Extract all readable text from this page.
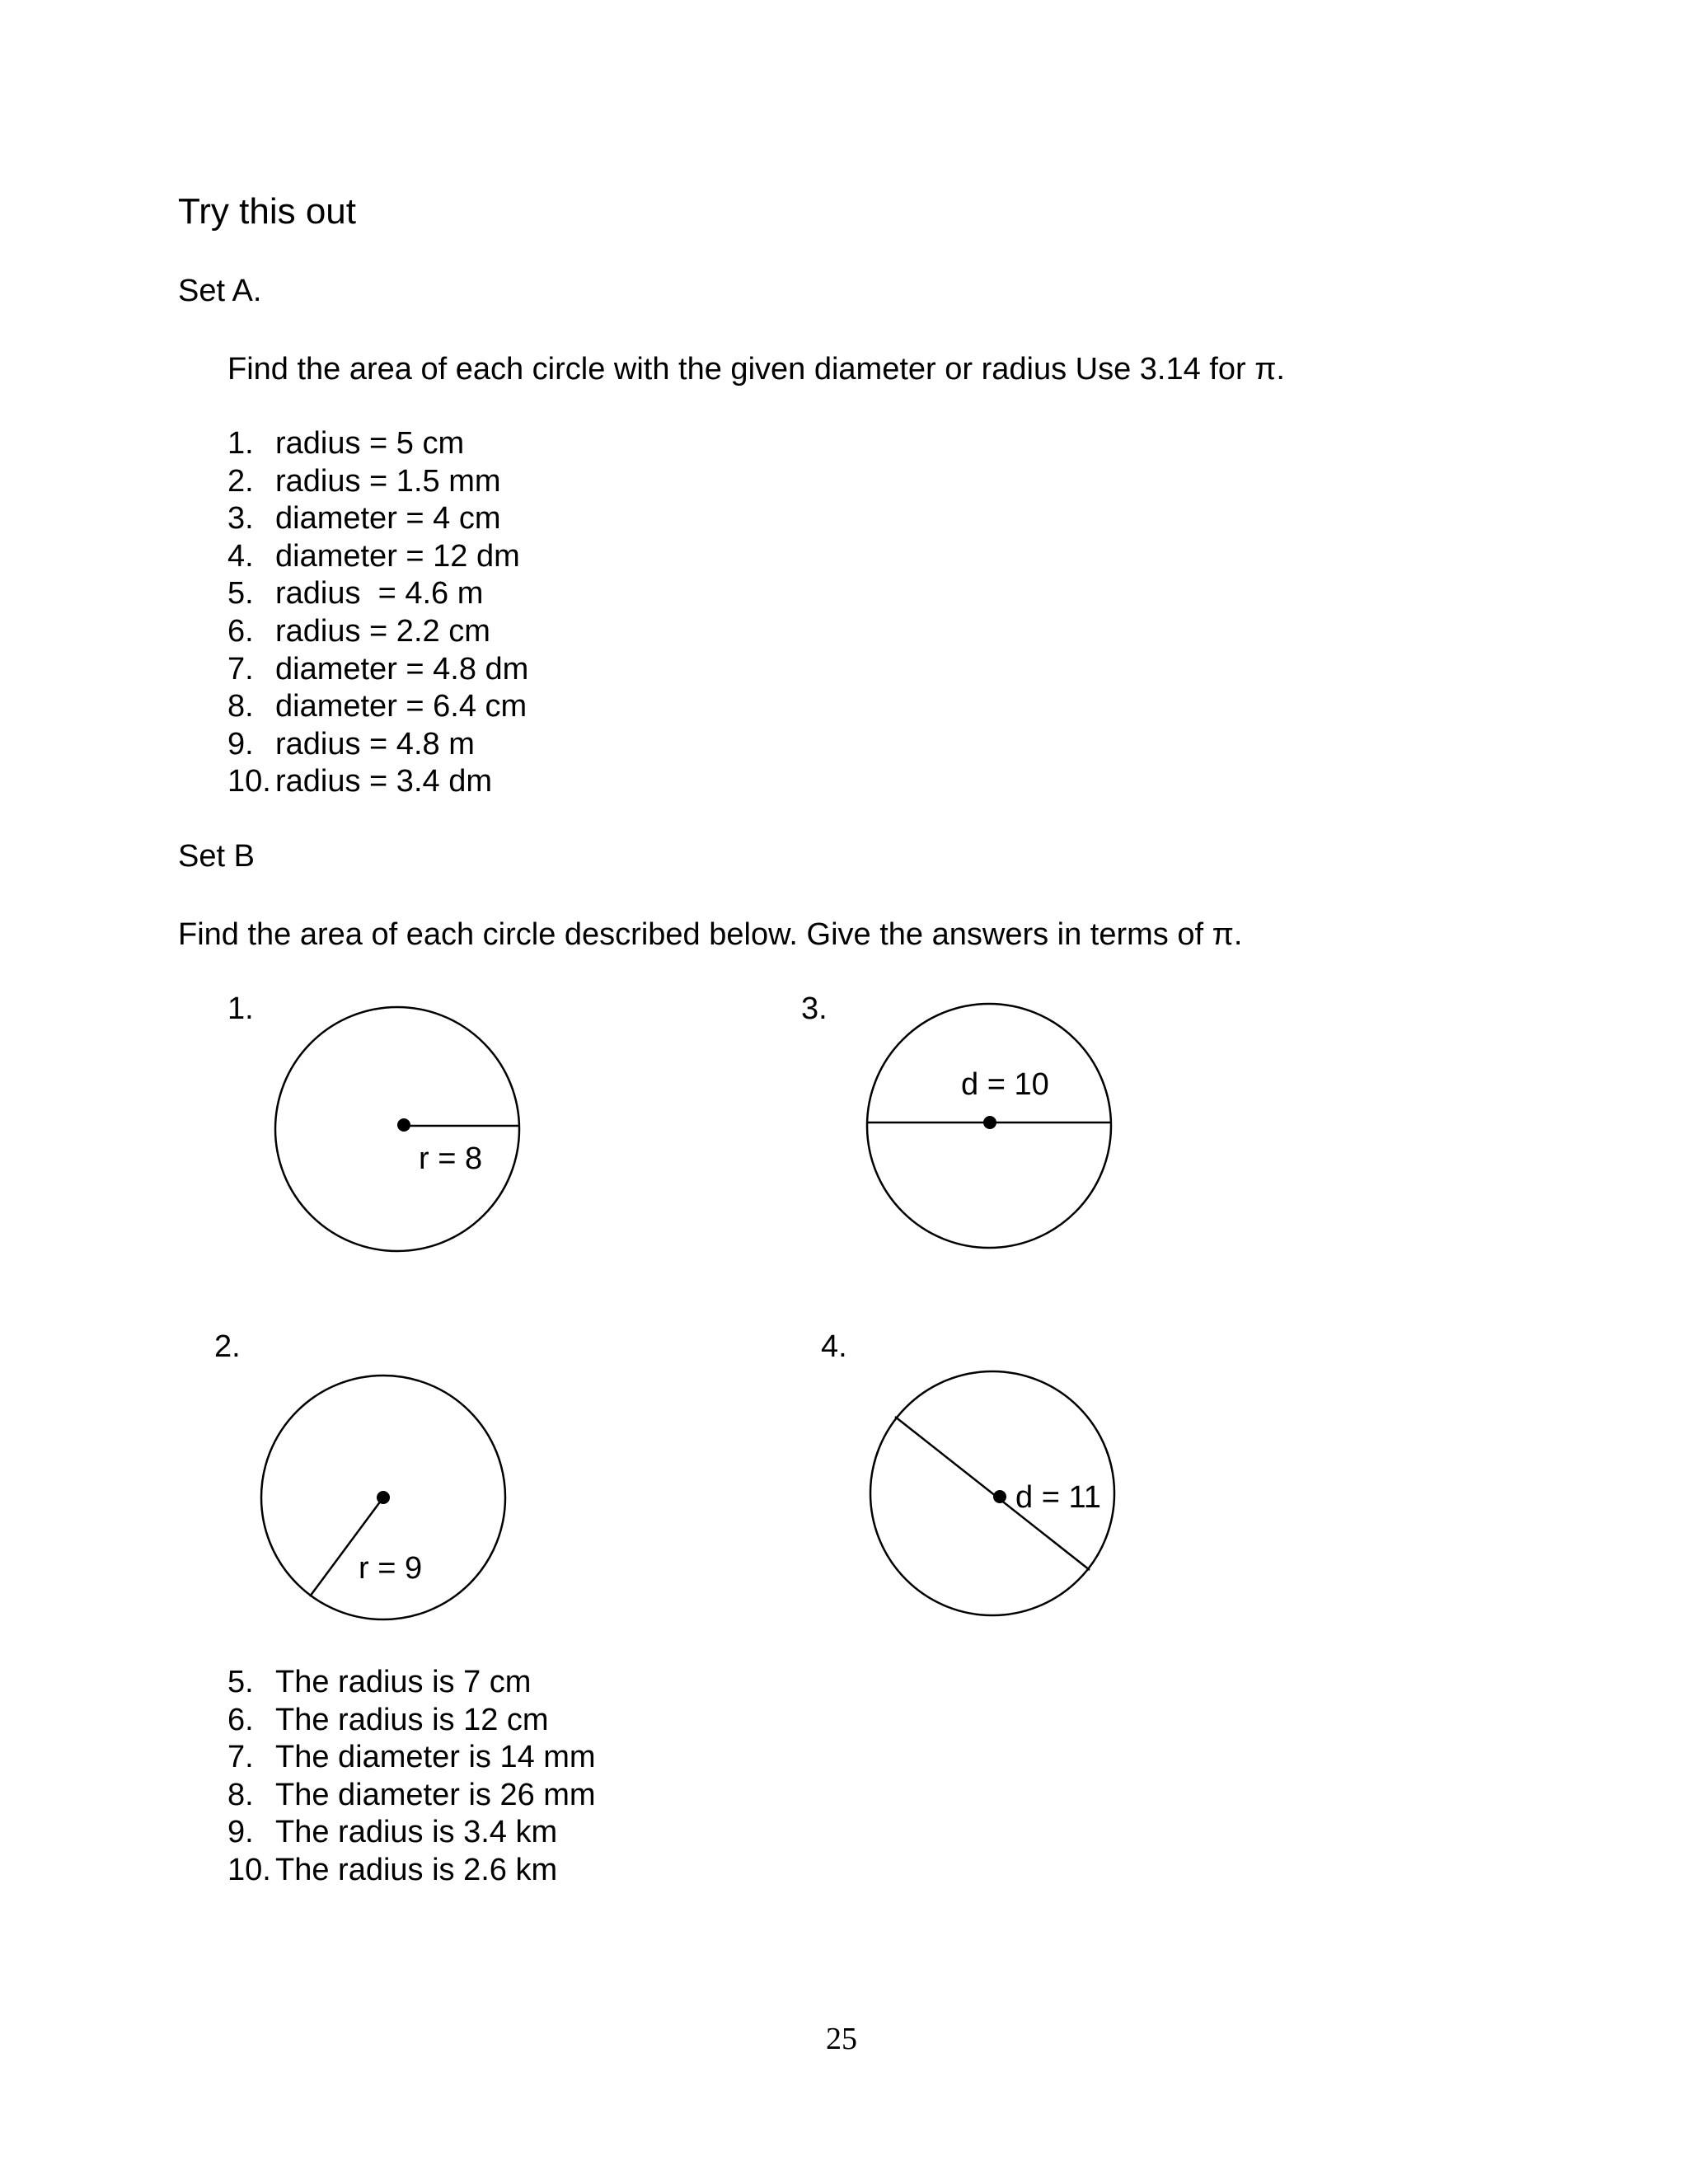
Try this out
Set A.
Find the area of each circle with the given diameter or radius Use 3.14 for π.
1. radius = 5 cm
2. radius = 1.5 mm
3. diameter = 4 cm
4. diameter = 12 dm
5. radius  = 4.6 m
6. radius = 2.2 cm
7. diameter = 4.8 dm
8. diameter = 6.4 cm
9. radius = 4.8 m
10. radius = 3.4 dm
Set B
Find the area of each circle described below. Give the answers in terms of π.
1.	3.
2.	4.
r = 8
d = 10
r = 9
d = 11
5. The radius is 7 cm
6. The radius is 12 cm
7. The diameter is 14 mm
8. The diameter is 26 mm
9. The radius is 3.4 km
10. The radius is 2.6 km
25
